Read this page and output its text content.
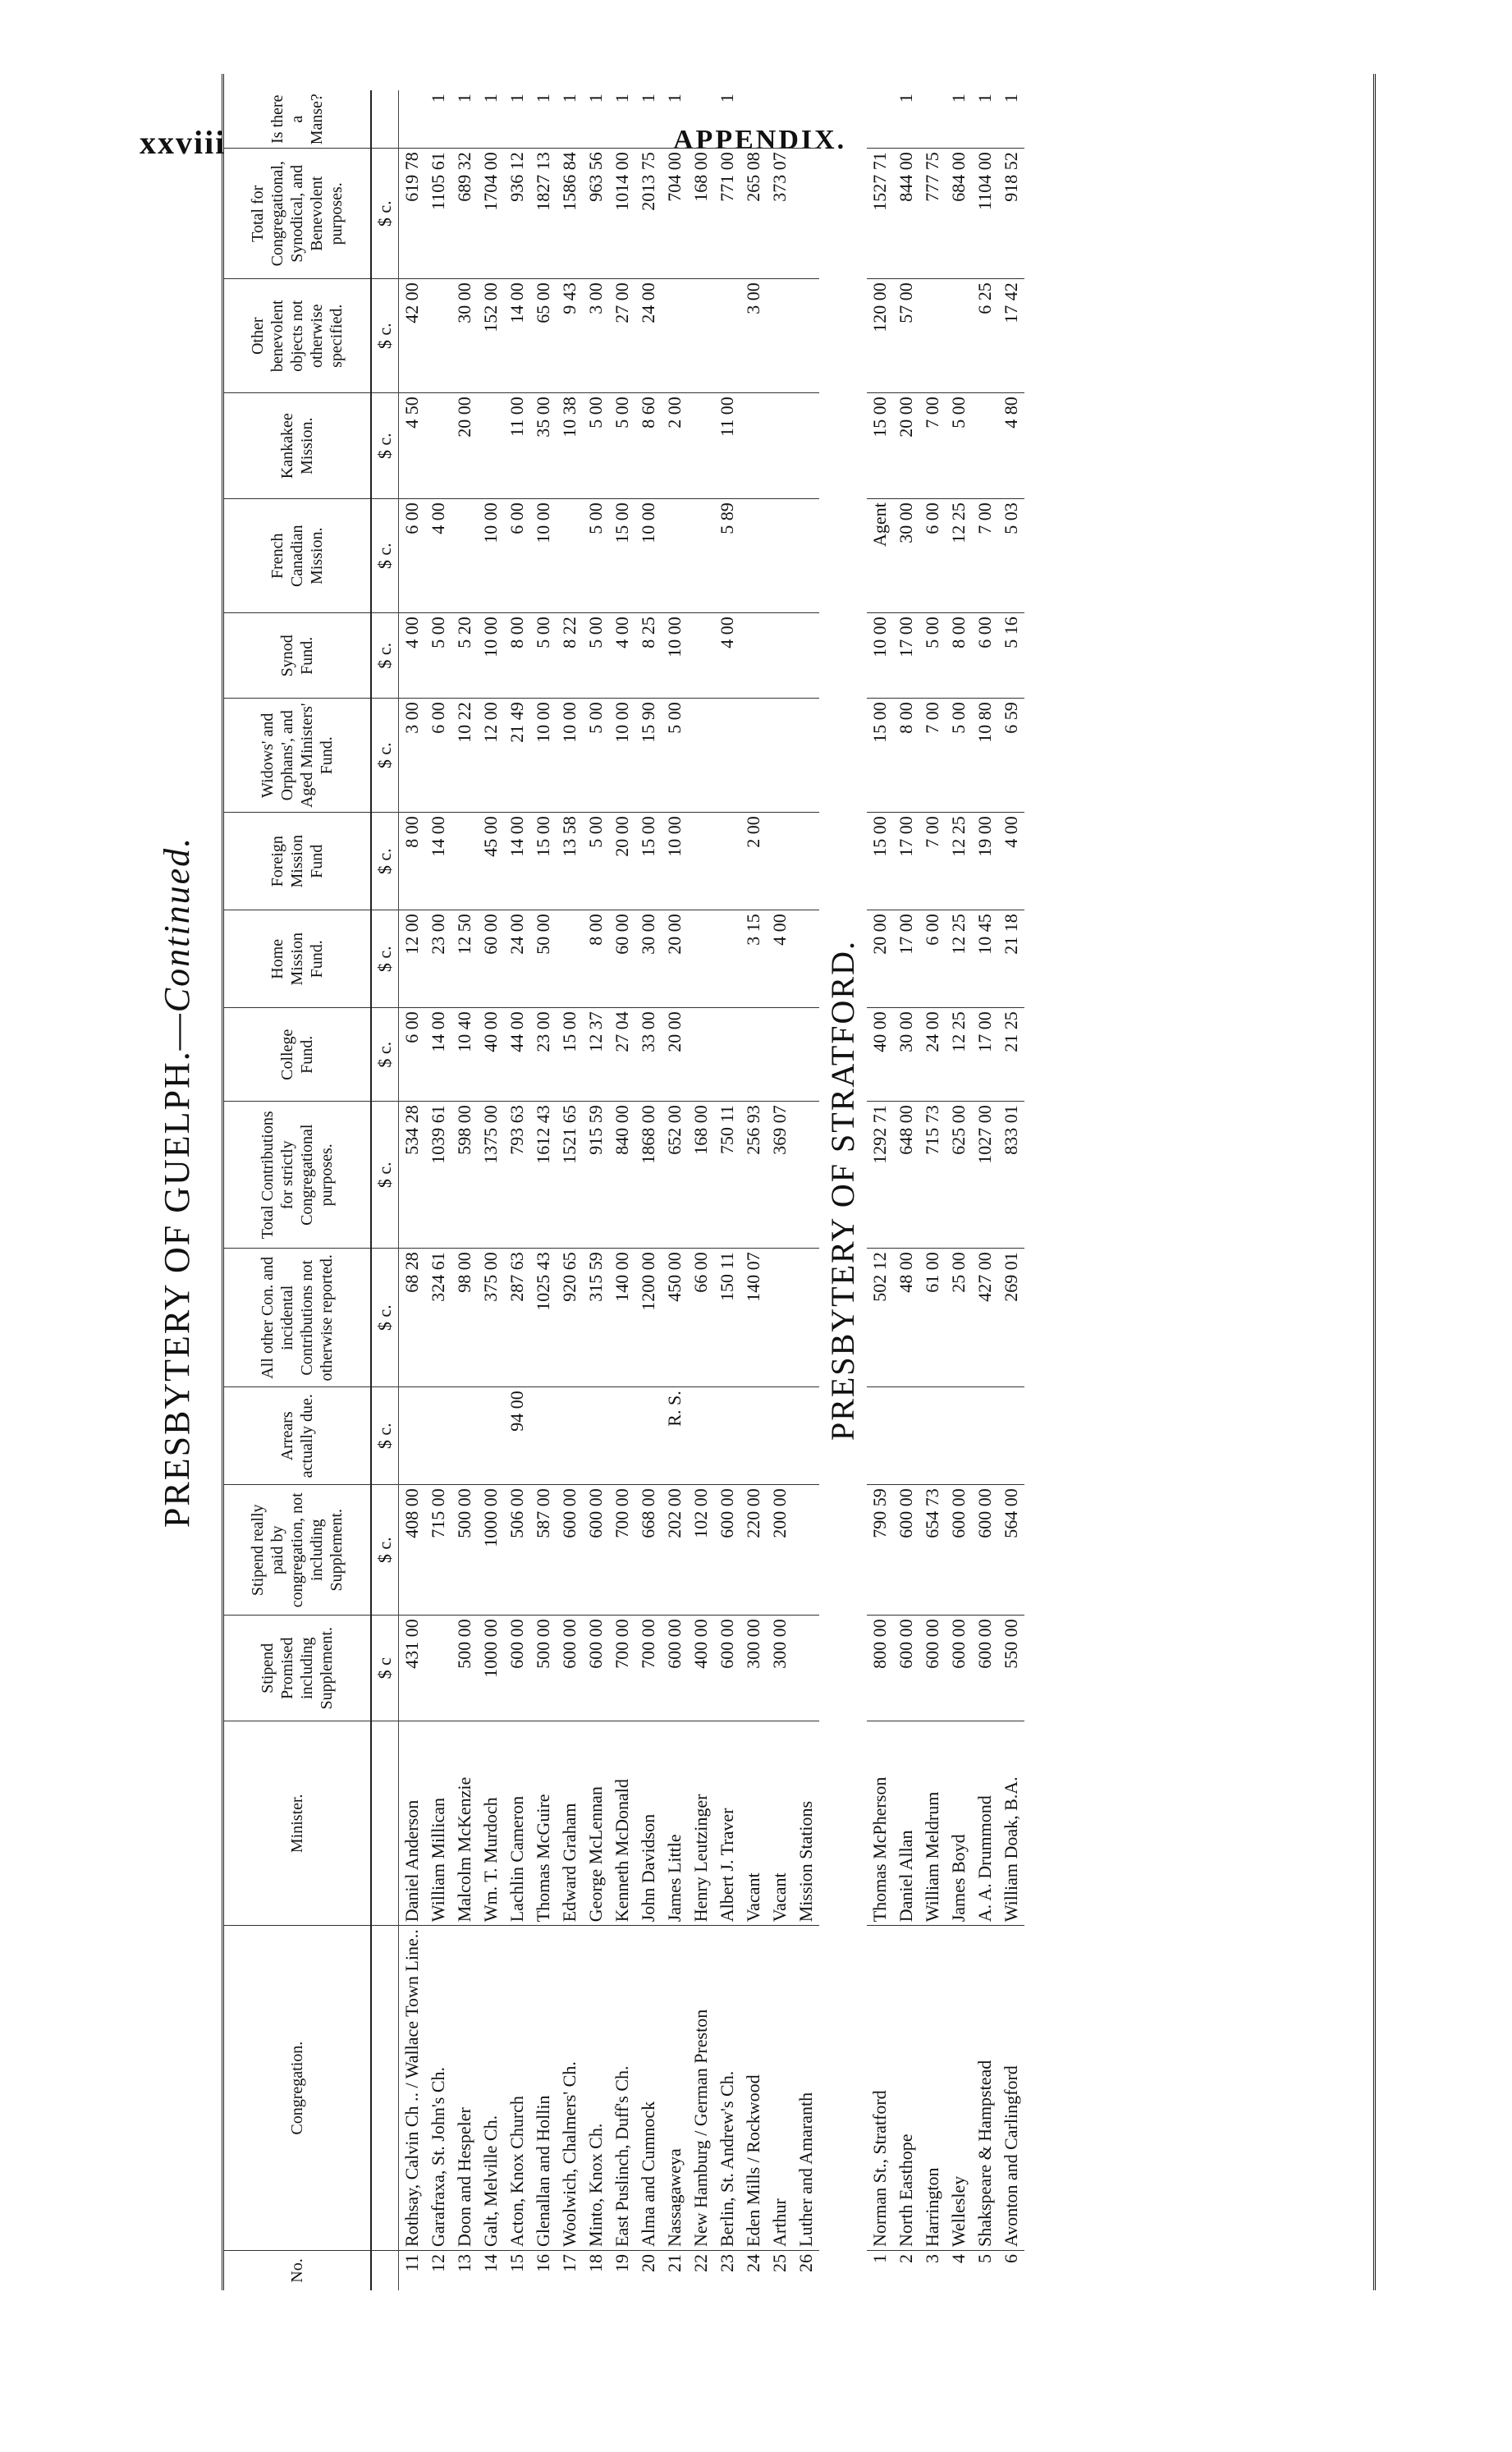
xxviii	APPENDIX.
PRESBYTERY OF GUELPH.—Continued.
No.	Congregation.	Minister.	Stipend Promised including Supplement.	Stipend really paid by congregation, not including Supplement.	Arrears actually due.	All other Con. and incidental Contributions not otherwise reported.	Total Contributions for strictly Congregational purposes.	College Fund.	Home Mission Fund.	Foreign Mission Fund	Widows' and Orphans', and Aged Ministers' Fund.	Synod Fund.	French Canadian Mission.	Kankakee Mission.	Other benevolent objects not otherwise specified.	Total for Congregational, Synodical, and Benevolent purposes.	Is there a Manse?
			$ c	$ c.	$ c.	$ c.	$ c.	$ c.	$ c.	$ c.	$ c.	$ c.	$ c.	$ c.	$ c.	$ c.	
11	Rothsay, Calvin Ch .. / Wallace Town Line..	Daniel Anderson	431 00	408 00		68 28	534 28	6 00	12 00	8 00	3 00	4 00	6 00	4 50	42 00	619 78	
12	Garafraxa, St. John's Ch.	William Millican		715 00		324 61	1039 61	14 00	23 00	14 00	6 00	5 00	4 00			1105 61	1
13	Doon and Hespeler	Malcolm McKenzie	500 00	500 00		98 00	598 00	10 40	12 50		10 22	5 20		20 00	30 00	689 32	1
14	Galt, Melville Ch.	Wm. T. Murdoch	1000 00	1000 00		375 00	1375 00	40 00	60 00	45 00	12 00	10 00	10 00		152 00	1704 00	1
15	Acton, Knox Church	Lachlin Cameron	600 00	506 00	94 00	287 63	793 63	44 00	24 00	14 00	21 49	8 00	6 00	11 00	14 00	936 12	1
16	Glenallan and Hollin	Thomas McGuire	500 00	587 00		1025 43	1612 43	23 00	50 00	15 00	10 00	5 00	10 00	35 00	65 00	1827 13	1
17	Woolwich, Chalmers' Ch.	Edward Graham	600 00	600 00		920 65	1521 65	15 00		13 58	10 00	8 22		10 38	9 43	1586 84	1
18	Minto, Knox Ch.	George McLennan	600 00	600 00		315 59	915 59	12 37	8 00	5 00	5 00	5 00	5 00	5 00	3 00	963 56	1
19	East Puslinch, Duff's Ch.	Kenneth McDonald	700 00	700 00		140 00	840 00	27 04	60 00	20 00	10 00	4 00	15 00	5 00	27 00	1014 00	1
20	Alma and Cumnock	John Davidson	700 00	668 00		1200 00	1868 00	33 00	30 00	15 00	15 90	8 25	10 00	8 60	24 00	2013 75	1
21	Nassagaweya	James Little	600 00	202 00	R. S.	450 00	652 00	20 00	20 00	10 00	5 00	10 00		2 00		704 00	1
22	New Hamburg / German Preston	Henry Leutzinger	400 00	102 00		66 00	168 00									168 00	
23	Berlin, St. Andrew's Ch.	Albert J. Traver	600 00	600 00		150 11	750 11					4 00	5 89	11 00		771 00	1
24	Eden Mills / Rockwood	Vacant	300 00	220 00		140 07	256 93		3 15	2 00					3 00	265 08	
25	Arthur	Vacant	300 00	200 00			369 07		4 00							373 07	
26	Luther and Amaranth	Mission Stations															
PRESBYTERY OF STRATFORD.																	
1	Norman St., Stratford	Thomas McPherson	800 00	790 59		502 12	1292 71	40 00	20 00	15 00	15 00	10 00	Agent	15 00	120 00	1527 71	
2	North Easthope	Daniel Allan	600 00	600 00		48 00	648 00	30 00	17 00	17 00	8 00	17 00	30 00	20 00	57 00	844 00	1
3	Harrington	William Meldrum	600 00	654 73		61 00	715 73	24 00	6 00	7 00	7 00	5 00	6 00	7 00		777 75	
4	Wellesley	James Boyd	600 00	600 00		25 00	625 00	12 25	12 25	12 25	5 00	8 00	12 25	5 00		684 00	1
5	Shakspeare & Hampstead	A. A. Drummond	600 00	600 00		427 00	1027 00	17 00	10 45	19 00	10 80	6 00	7 00		6 25	1104 00	1
6	Avonton and Carlingford	William Doak, B.A.	550 00	564 00		269 01	833 01	21 25	21 18	4 00	6 59	5 16	5 03	4 80	17 42	918 52	1
